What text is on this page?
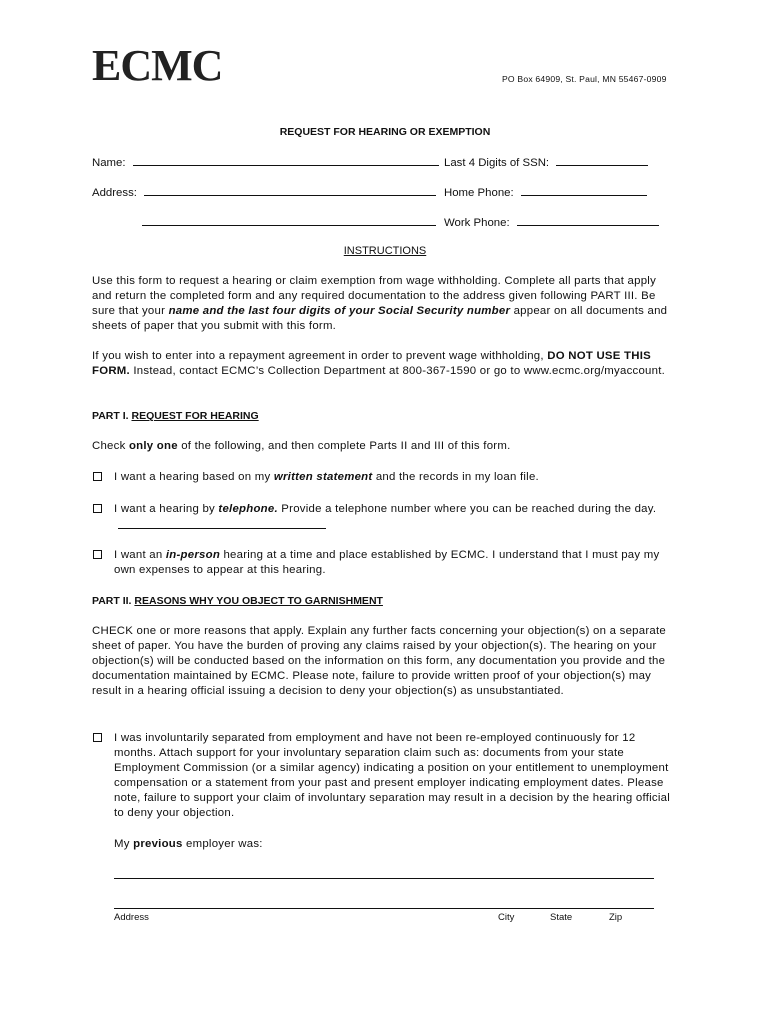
ECMC	PO Box 64909, St. Paul, MN 55467-0909
REQUEST FOR HEARING OR EXEMPTION
Name:	Last 4 Digits of SSN:
Address:	Home Phone:
Work Phone:
INSTRUCTIONS
Use this form to request a hearing or claim exemption from wage withholding. Complete all parts that apply and return the completed form and any required documentation to the address given following PART III. Be sure that your name and the last four digits of your Social Security number appear on all documents and sheets of paper that you submit with this form.
If you wish to enter into a repayment agreement in order to prevent wage withholding, DO NOT USE THIS FORM. Instead, contact ECMC’s Collection Department at 800-367-1590 or go to www.ecmc.org/myaccount.
PART I. REQUEST FOR HEARING
Check only one of the following, and then complete Parts II and III of this form.
I want a hearing based on my written statement and the records in my loan file.
I want a hearing by telephone. Provide a telephone number where you can be reached during the day.
I want an in-person hearing at a time and place established by ECMC. I understand that I must pay my own expenses to appear at this hearing.
PART II. REASONS WHY YOU OBJECT TO GARNISHMENT
CHECK one or more reasons that apply. Explain any further facts concerning your objection(s) on a separate sheet of paper. You have the burden of proving any claims raised by your objection(s). The hearing on your objection(s) will be conducted based on the information on this form, any documentation you provide and the documentation maintained by ECMC. Please note, failure to provide written proof of your objection(s) may result in a hearing official issuing a decision to deny your objection(s) as unsubstantiated.
I was involuntarily separated from employment and have not been re-employed continuously for 12 months. Attach support for your involuntary separation claim such as: documents from your state Employment Commission (or a similar agency) indicating a position on your entitlement to unemployment compensation or a statement from your past and present employer indicating employment dates. Please note, failure to support your claim of involuntary separation may result in a decision by the hearing official to deny your objection.
My previous employer was:
Address	City	State	Zip
